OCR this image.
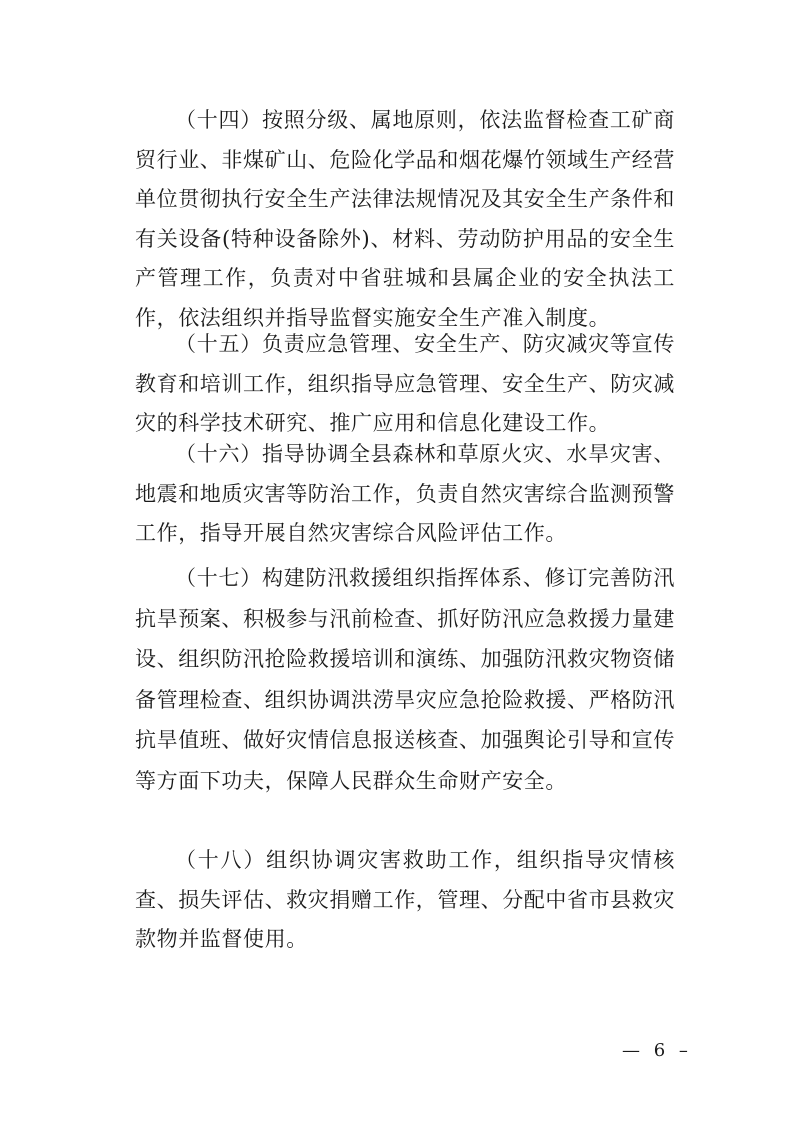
（十四）按照分级、属地原则，依法监督检查工矿商贸行业、非煤矿山、危险化学品和烟花爆竹领域生产经营单位贯彻执行安全生产法律法规情况及其安全生产条件和有关设备(特种设备除外)、材料、劳动防护用品的安全生产管理工作，负责对中省驻城和县属企业的安全执法工作，依法组织并指导监督实施安全生产准入制度。

（十五）负责应急管理、安全生产、防灾减灾等宣传教育和培训工作，组织指导应急管理、安全生产、防灾减灾的科学技术研究、推广应用和信息化建设工作。

（十六）指导协调全县森林和草原火灾、水旱灾害、地震和地质灾害等防治工作，负责自然灾害综合监测预警工作，指导开展自然灾害综合风险评估工作。

（十七）构建防汛救援组织指挥体系、修订完善防汛抗旱预案、积极参与汛前检查、抓好防汛应急救援力量建设、组织防汛抢险救援培训和演练、加强防汛救灾物资储备管理检查、组织协调洪涝旱灾应急抢险救援、严格防汛抗旱值班、做好灾情信息报送核查、加强舆论引导和宣传等方面下功夫，保障人民群众生命财产安全。

（十八）组织协调灾害救助工作，组织指导灾情核查、损失评估、救灾捐赠工作，管理、分配中省市县救灾款物并监督使用。

— 6 –
